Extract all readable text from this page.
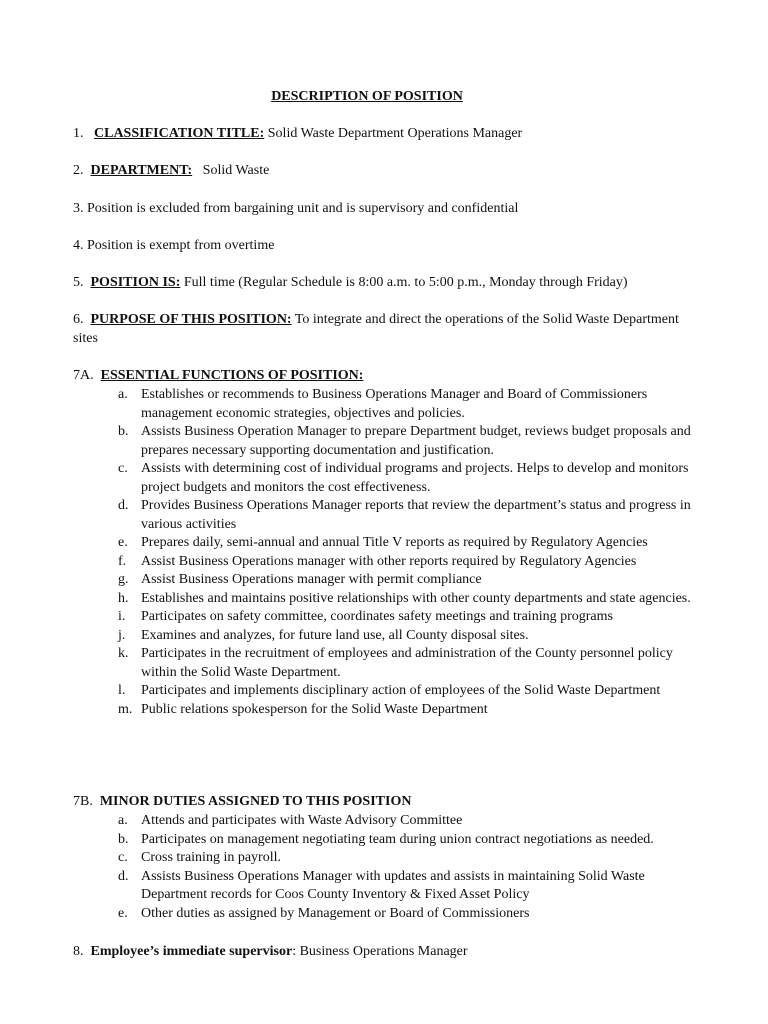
DESCRIPTION OF POSITION
1. CLASSIFICATION TITLE: Solid Waste Department Operations Manager
2. DEPARTMENT: Solid Waste
3. Position is excluded from bargaining unit and is supervisory and confidential
4. Position is exempt from overtime
5. POSITION IS: Full time (Regular Schedule is 8:00 a.m. to 5:00 p.m., Monday through Friday)
6. PURPOSE OF THIS POSITION: To integrate and direct the operations of the Solid Waste Department sites
7A. ESSENTIAL FUNCTIONS OF POSITION:
a. Establishes or recommends to Business Operations Manager and Board of Commissioners management economic strategies, objectives and policies.
b. Assists Business Operation Manager to prepare Department budget, reviews budget proposals and prepares necessary supporting documentation and justification.
c. Assists with determining cost of individual programs and projects. Helps to develop and monitors project budgets and monitors the cost effectiveness.
d. Provides Business Operations Manager reports that review the department’s status and progress in various activities
e. Prepares daily, semi-annual and annual Title V reports as required by Regulatory Agencies
f. Assist Business Operations manager with other reports required by Regulatory Agencies
g. Assist Business Operations manager with permit compliance
h. Establishes and maintains positive relationships with other county departments and state agencies.
i. Participates on safety committee, coordinates safety meetings and training programs
j. Examines and analyzes, for future land use, all County disposal sites.
k. Participates in the recruitment of employees and administration of the County personnel policy within the Solid Waste Department.
l. Participates and implements disciplinary action of employees of the Solid Waste Department
m. Public relations spokesperson for the Solid Waste Department
7B. MINOR DUTIES ASSIGNED TO THIS POSITION
a. Attends and participates with Waste Advisory Committee
b. Participates on management negotiating team during union contract negotiations as needed.
c. Cross training in payroll.
d. Assists Business Operations Manager with updates and assists in maintaining Solid Waste Department records for Coos County Inventory & Fixed Asset Policy
e. Other duties as assigned by Management or Board of Commissioners
8. Employee’s immediate supervisor: Business Operations Manager
